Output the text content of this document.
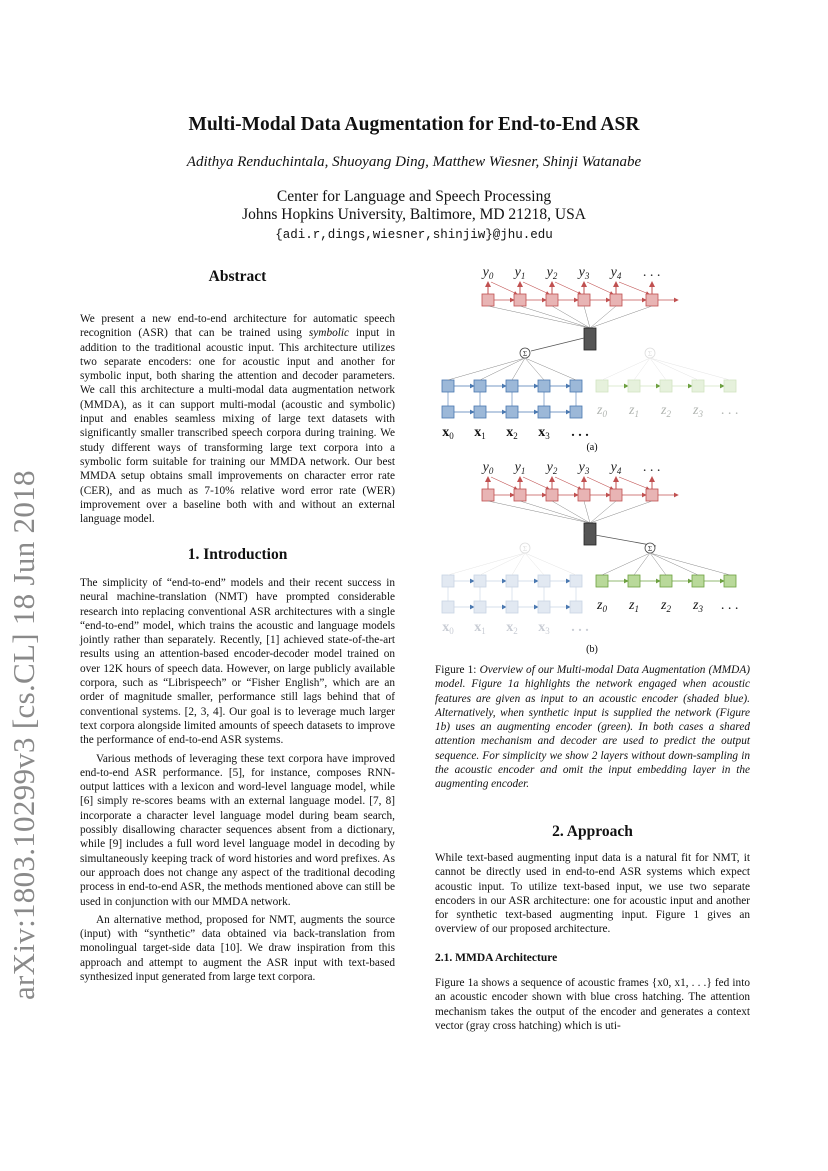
arXiv:1803.10299v3 [cs.CL] 18 Jun 2018
Multi-Modal Data Augmentation for End-to-End ASR
Adithya Renduchintala, Shuoyang Ding, Matthew Wiesner, Shinji Watanabe
Center for Language and Speech Processing
Johns Hopkins University, Baltimore, MD 21218, USA
{adi.r,dings,wiesner,shinjiw}@jhu.edu
Abstract

We present a new end-to-end architecture for automatic speech recognition (ASR) that can be trained using symbolic input in addition to the traditional acoustic input. This architecture utilizes two separate encoders: one for acoustic input and another for symbolic input, both sharing the attention and decoder parameters. We call this architecture a multi-modal data augmentation network (MMDA), as it can support multi-modal (acoustic and symbolic) input and enables seamless mixing of large text datasets with significantly smaller transcribed speech corpora during training. We study different ways of transforming large text corpora into a symbolic form suitable for training our MMDA network. Our best MMDA setup obtains small improvements on character error rate (CER), and as much as 7-10% relative word error rate (WER) improvement over a baseline both with and without an external language model.

1. Introduction

The simplicity of “end-to-end” models and their recent success in neural machine-translation (NMT) have prompted considerable research into replacing conventional ASR architectures with a single “end-to-end” model, which trains the acoustic and language models jointly rather than separately. Recently, [1] achieved state-of-the-art results using an attention-based encoder-decoder model trained on over 12K hours of speech data. However, on large publicly available corpora, such as “Librispeech” or “Fisher English”, which are an order of magnitude smaller, performance still lags behind that of conventional systems. [2, 3, 4]. Our goal is to leverage much larger text corpora alongside limited amounts of speech datasets to improve the performance of end-to-end ASR systems.

Various methods of leveraging these text corpora have improved end-to-end ASR performance. [5], for instance, composes RNN-output lattices with a lexicon and word-level language model, while [6] simply re-scores beams with an external language model. [7, 8] incorporate a character level language model during beam search, possibly disallowing character sequences absent from a dictionary, while [9] includes a full word level language model in decoding by simultaneously keeping track of word histories and word prefixes. As our approach does not change any aspect of the traditional decoding process in end-to-end ASR, the methods mentioned above can still be used in conjunction with our MMDA network.

An alternative method, proposed for NMT, augments the source (input) with “synthetic” data obtained via back-translation from monolingual target-side data [10]. We draw inspiration from this approach and attempt to augment the ASR input with text-based synthesized input generated from large text corpora.

$y_0$ $y_1$ $y_2$ $y_3$ $y_4$ . . .
Σ	Σ
$x_0$ $x_1$ $x_2$ $x_3$ . . .
$z_0$ $z_1$ $z_2$ $z_3$ . . .
$y_0$ $y_1$ $y_2$ $y_3$ $y_4$ . . .
Σ
Σ
$x_0$ $x_1$ $x_2$ $x_3$ . . .
$z_0$ $z_1$ $z_2$ $z_3$ . . .
(a)
(b)
Figure 1: Overview of our Multi-modal Data Augmentation (MMDA) model. Figure 1a highlights the network engaged when acoustic features are given as input to an acoustic encoder (shaded blue). Alternatively, when synthetic input is supplied the network (Figure 1b) uses an augmenting encoder (green). In both cases a shared attention mechanism and decoder are used to predict the output sequence. For simplicity we show 2 layers without down-sampling in the acoustic encoder and omit the input embedding layer in the augmenting encoder.
2. Approach
While text-based augmenting input data is a natural fit for NMT, it cannot be directly used in end-to-end ASR systems which expect acoustic input. To utilize text-based input, we use two separate encoders in our ASR architecture: one for acoustic input and another for synthetic text-based augmenting input. Figure 1 gives an overview of our proposed architecture.
2.1. MMDA Architecture
Figure 1a shows a sequence of acoustic frames {x0, x1, . . .} fed into an acoustic encoder shown with blue cross hatching. The attention mechanism takes the output of the encoder and generates a context vector (gray cross hatching) which is uti-
